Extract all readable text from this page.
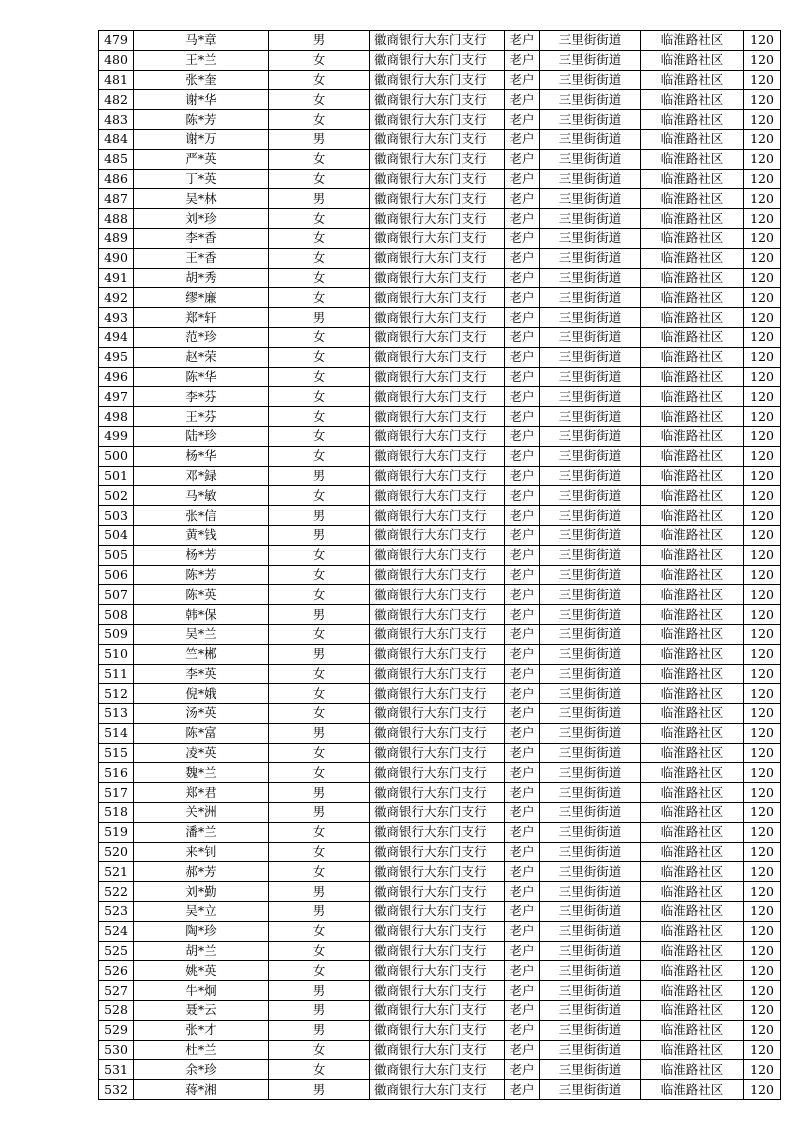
479	马*章	男	徽商银行大东门支行	老户	三里街街道	临淮路社区	120
480	王*兰	女	徽商银行大东门支行	老户	三里街街道	临淮路社区	120
481	张*奎	女	徽商银行大东门支行	老户	三里街街道	临淮路社区	120
482	谢*华	女	徽商银行大东门支行	老户	三里街街道	临淮路社区	120
483	陈*芳	女	徽商银行大东门支行	老户	三里街街道	临淮路社区	120
484	谢*万	男	徽商银行大东门支行	老户	三里街街道	临淮路社区	120
485	严*英	女	徽商银行大东门支行	老户	三里街街道	临淮路社区	120
486	丁*英	女	徽商银行大东门支行	老户	三里街街道	临淮路社区	120
487	吴*林	男	徽商银行大东门支行	老户	三里街街道	临淮路社区	120
488	刘*珍	女	徽商银行大东门支行	老户	三里街街道	临淮路社区	120
489	李*香	女	徽商银行大东门支行	老户	三里街街道	临淮路社区	120
490	王*香	女	徽商银行大东门支行	老户	三里街街道	临淮路社区	120
491	胡*秀	女	徽商银行大东门支行	老户	三里街街道	临淮路社区	120
492	缪*廉	女	徽商银行大东门支行	老户	三里街街道	临淮路社区	120
493	郑*轩	男	徽商银行大东门支行	老户	三里街街道	临淮路社区	120
494	范*珍	女	徽商银行大东门支行	老户	三里街街道	临淮路社区	120
495	赵*荣	女	徽商银行大东门支行	老户	三里街街道	临淮路社区	120
496	陈*华	女	徽商银行大东门支行	老户	三里街街道	临淮路社区	120
497	李*芬	女	徽商银行大东门支行	老户	三里街街道	临淮路社区	120
498	王*芬	女	徽商银行大东门支行	老户	三里街街道	临淮路社区	120
499	陆*珍	女	徽商银行大东门支行	老户	三里街街道	临淮路社区	120
500	杨*华	女	徽商银行大东门支行	老户	三里街街道	临淮路社区	120
501	邓*録	男	徽商银行大东门支行	老户	三里街街道	临淮路社区	120
502	马*敏	女	徽商银行大东门支行	老户	三里街街道	临淮路社区	120
503	张*信	男	徽商银行大东门支行	老户	三里街街道	临淮路社区	120
504	黄*钱	男	徽商银行大东门支行	老户	三里街街道	临淮路社区	120
505	杨*芳	女	徽商银行大东门支行	老户	三里街街道	临淮路社区	120
506	陈*芳	女	徽商银行大东门支行	老户	三里街街道	临淮路社区	120
507	陈*英	女	徽商银行大东门支行	老户	三里街街道	临淮路社区	120
508	韩*保	男	徽商银行大东门支行	老户	三里街街道	临淮路社区	120
509	吴*兰	女	徽商银行大东门支行	老户	三里街街道	临淮路社区	120
510	竺*郴	男	徽商银行大东门支行	老户	三里街街道	临淮路社区	120
511	李*英	女	徽商银行大东门支行	老户	三里街街道	临淮路社区	120
512	倪*娥	女	徽商银行大东门支行	老户	三里街街道	临淮路社区	120
513	汤*英	女	徽商银行大东门支行	老户	三里街街道	临淮路社区	120
514	陈*富	男	徽商银行大东门支行	老户	三里街街道	临淮路社区	120
515	凌*英	女	徽商银行大东门支行	老户	三里街街道	临淮路社区	120
516	魏*兰	女	徽商银行大东门支行	老户	三里街街道	临淮路社区	120
517	郑*君	男	徽商银行大东门支行	老户	三里街街道	临淮路社区	120
518	关*洲	男	徽商银行大东门支行	老户	三里街街道	临淮路社区	120
519	潘*兰	女	徽商银行大东门支行	老户	三里街街道	临淮路社区	120
520	来*钊	女	徽商银行大东门支行	老户	三里街街道	临淮路社区	120
521	郝*芳	女	徽商银行大东门支行	老户	三里街街道	临淮路社区	120
522	刘*勤	男	徽商银行大东门支行	老户	三里街街道	临淮路社区	120
523	吴*立	男	徽商银行大东门支行	老户	三里街街道	临淮路社区	120
524	陶*珍	女	徽商银行大东门支行	老户	三里街街道	临淮路社区	120
525	胡*兰	女	徽商银行大东门支行	老户	三里街街道	临淮路社区	120
526	姚*英	女	徽商银行大东门支行	老户	三里街街道	临淮路社区	120
527	牛*炯	男	徽商银行大东门支行	老户	三里街街道	临淮路社区	120
528	聂*云	男	徽商银行大东门支行	老户	三里街街道	临淮路社区	120
529	张*才	男	徽商银行大东门支行	老户	三里街街道	临淮路社区	120
530	杜*兰	女	徽商银行大东门支行	老户	三里街街道	临淮路社区	120
531	余*珍	女	徽商银行大东门支行	老户	三里街街道	临淮路社区	120
532	蒋*湘	男	徽商银行大东门支行	老户	三里街街道	临淮路社区	120
